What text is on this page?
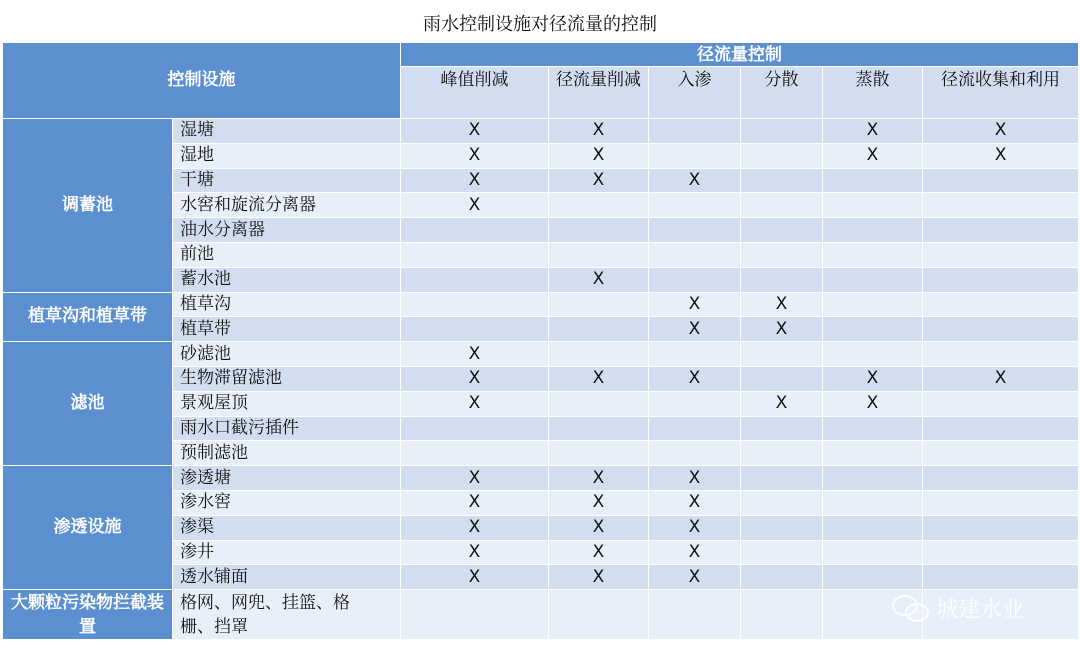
雨水控制设施对径流量的控制
控制设施		径流量控制					
		峰值削减	径流量削减	入渗	分散	蒸散	径流收集和利用
调蓄池	湿塘	X	X			X	X
	湿地	X	X			X	X
	干塘	X	X	X			
	水窖和旋流分离器	X					
	油水分离器						
	前池						
	蓄水池		X				
植草沟和植草带	植草沟			X	X		
	植草带			X	X		
滤池	砂滤池	X					
	生物滞留滤池	X	X	X		X	X
	景观屋顶	X			X	X	
	雨水口截污插件						
	预制滤池						
渗透设施	渗透塘	X	X	X			
	渗水窖	X	X	X			
	渗渠	X	X	X			
	渗井	X	X	X			
	透水铺面	X	X	X			
大颗粒污染物拦截装置	格网、网兜、挂篮、格栅、挡罩						
城建水业
